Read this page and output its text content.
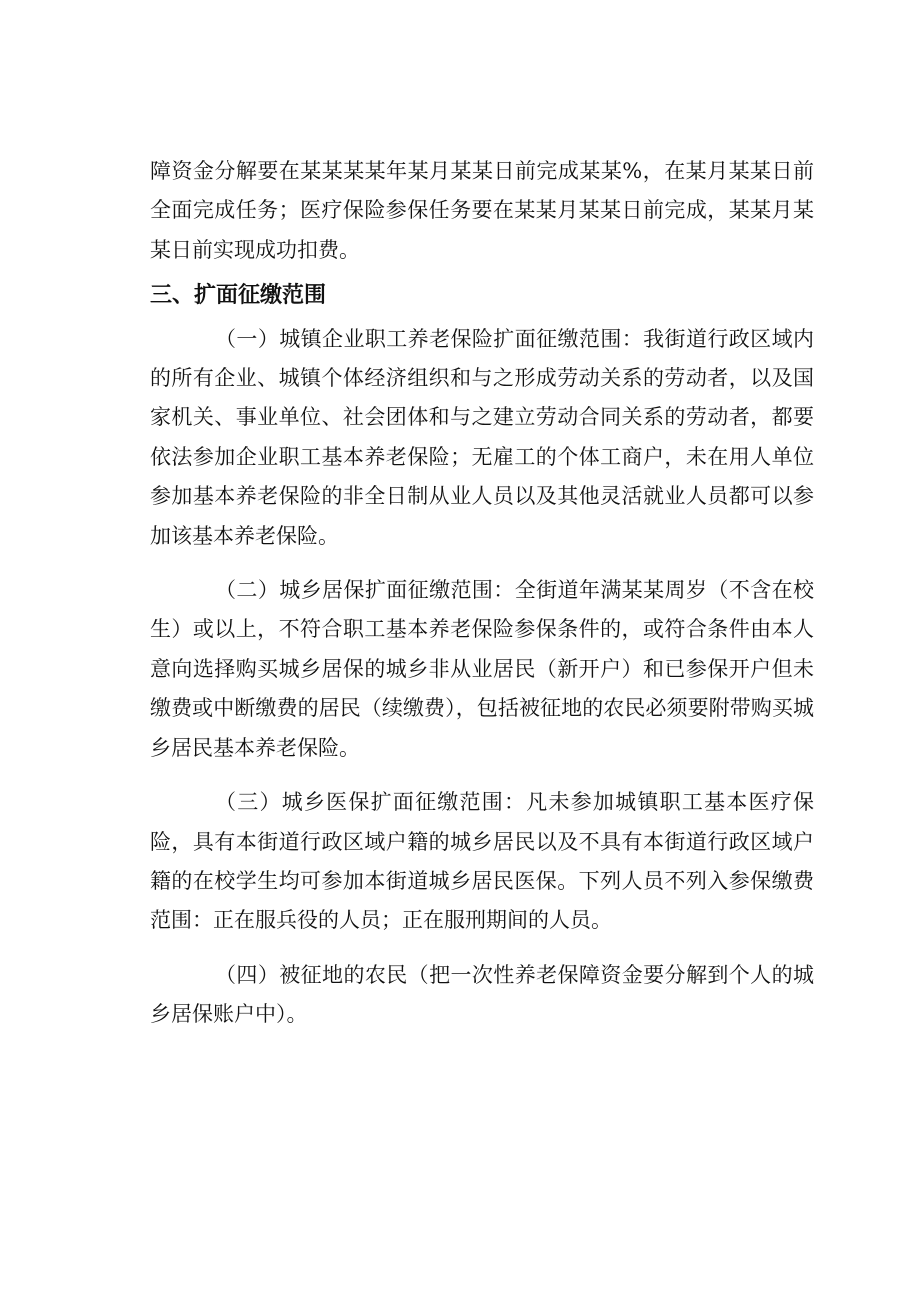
障资金分解要在某某某某年某月某某日前完成某某%，在某月某某日前全面完成任务；医疗保险参保任务要在某某月某某日前完成，某某月某某日前实现成功扣费。

三、扩面征缴范围

（一）城镇企业职工养老保险扩面征缴范围：我街道行政区域内的所有企业、城镇个体经济组织和与之形成劳动关系的劳动者，以及国家机关、事业单位、社会团体和与之建立劳动合同关系的劳动者，都要依法参加企业职工基本养老保险；无雇工的个体工商户，未在用人单位参加基本养老保险的非全日制从业人员以及其他灵活就业人员都可以参加该基本养老保险。

（二）城乡居保扩面征缴范围：全街道年满某某周岁（不含在校生）或以上，不符合职工基本养老保险参保条件的，或符合条件由本人意向选择购买城乡居保的城乡非从业居民（新开户）和已参保开户但未缴费或中断缴费的居民（续缴费），包括被征地的农民必须要附带购买城乡居民基本养老保险。

（三）城乡医保扩面征缴范围：凡未参加城镇职工基本医疗保险，具有本街道行政区域户籍的城乡居民以及不具有本街道行政区域户籍的在校学生均可参加本街道城乡居民医保。下列人员不列入参保缴费范围：正在服兵役的人员；正在服刑期间的人员。

（四）被征地的农民（把一次性养老保障资金要分解到个人的城乡居保账户中）。
